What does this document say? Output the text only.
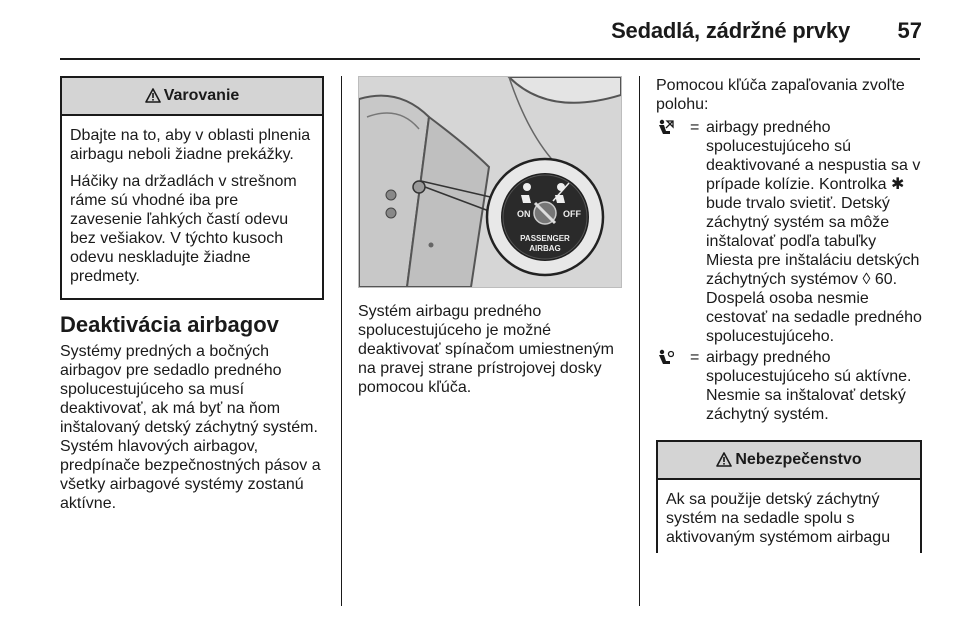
Sedadlá, zádržné prvky	57
Varovanie

Dbajte na to, aby v oblasti plnenia airbagu neboli žiadne prekážky.

Háčiky na držadlách v strešnom ráme sú vhodné iba pre zavesenie ľahkých častí odevu bez vešiakov. V týchto kusoch odevu neskladujte žiadne predmety.

Deaktivácia airbagov

Systémy predných a bočných airbagov pre sedadlo predného spolucestujúceho sa musí deaktivovať, ak má byť na ňom inštalovaný detský záchytný systém. Systém hlavových airbagov, predpínače bezpečnostných pásov a všetky airbagové systémy zostanú aktívne.

ON	OFF
PASSENGER
AIRBAG

Systém airbagu predného spolucestujúceho je možné deaktivovať spínačom umiestneným na pravej strane prístrojovej dosky pomocou kľúča.

Pomocou kľúča zapaľovania zvoľte polohu:

= airbagy predného spolucestujúceho sú deaktivované a nespustia sa v prípade kolízie. Kontrolka ✱ bude trvalo svietiť. Detský záchytný systém sa môže inštalovať podľa tabuľky Miesta pre inštaláciu detských záchytných systémov ◊ 60. Dospelá osoba nesmie cestovať na sedadle predného spolucestujúceho.
= airbagy predného spolucestujúceho sú aktívne. Nesmie sa inštalovať detský záchytný systém.
Nebezpečenstvo

Ak sa použije detský záchytný systém na sedadle spolu s aktivovaným systémom airbagu
